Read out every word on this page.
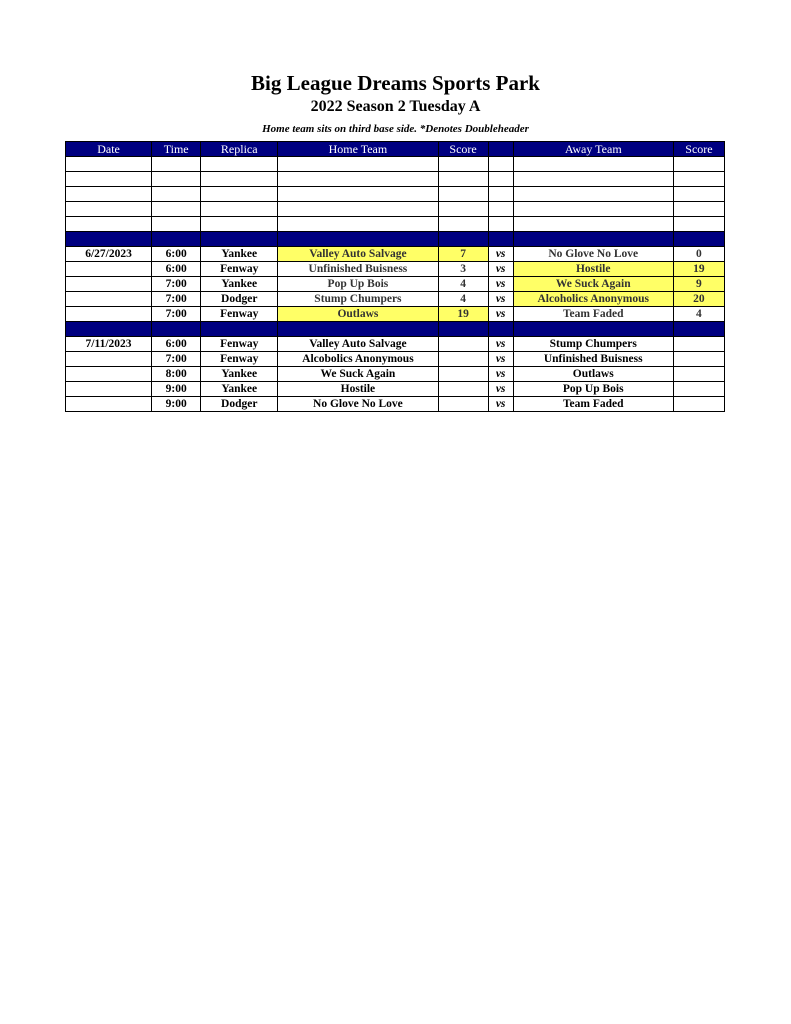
Big League Dreams Sports Park
2022 Season 2 Tuesday A
Home team sits on third base side. *Denotes Doubleheader
Date	Time	Replica	Home Team	Score		Away Team	Score

6/27/2023	6:00	Yankee	Valley Auto Salvage	7	vs	No Glove No Love	0
	6:00	Fenway	Unfinished Buisness	3	vs	Hostile	19
	7:00	Yankee	Pop Up Bois	4	vs	We Suck Again	9
	7:00	Dodger	Stump Chumpers	4	vs	Alcoholics Anonymous	20
	7:00	Fenway	Outlaws	19	vs	Team Faded	4

7/11/2023	6:00	Fenway	Valley Auto Salvage		vs	Stump Chumpers	
	7:00	Fenway	Alcobolics Anonymous		vs	Unfinished Buisness	
	8:00	Yankee	We Suck Again		vs	Outlaws	
	9:00	Yankee	Hostile		vs	Pop Up Bois	
	9:00	Dodger	No Glove No Love		vs	Team Faded	
